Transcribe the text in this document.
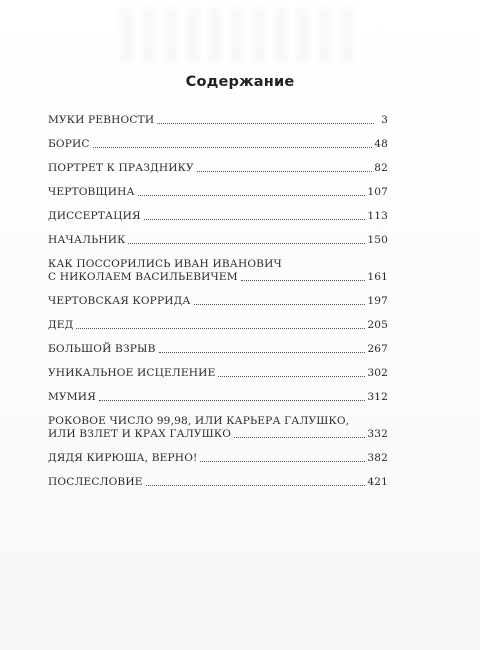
Содержание
МУКИ РЕВНОСТИ	3
БОРИС	48
ПОРТРЕТ К ПРАЗДНИКУ	82
ЧЕРТОВЩИНА	107
ДИССЕРТАЦИЯ	113
НАЧАЛЬНИК	150
КАК ПОССОРИЛИСЬ ИВАН ИВАНОВИЧ
С НИКОЛАЕМ ВАСИЛЬЕВИЧЕМ	161
ЧЕРТОВСКАЯ КОРРИДА	197
ДЕД	205
БОЛЬШОЙ ВЗРЫВ	267
УНИКАЛЬНОЕ ИСЦЕЛЕНИЕ	302
МУМИЯ	312
РОКОВОЕ ЧИСЛО 99,98, ИЛИ КАРЬЕРА ГАЛУШКО,
ИЛИ ВЗЛЕТ И КРАХ ГАЛУШКО	332
ДЯДЯ КИРЮША, ВЕРНО!	382
ПОСЛЕСЛОВИЕ	421
